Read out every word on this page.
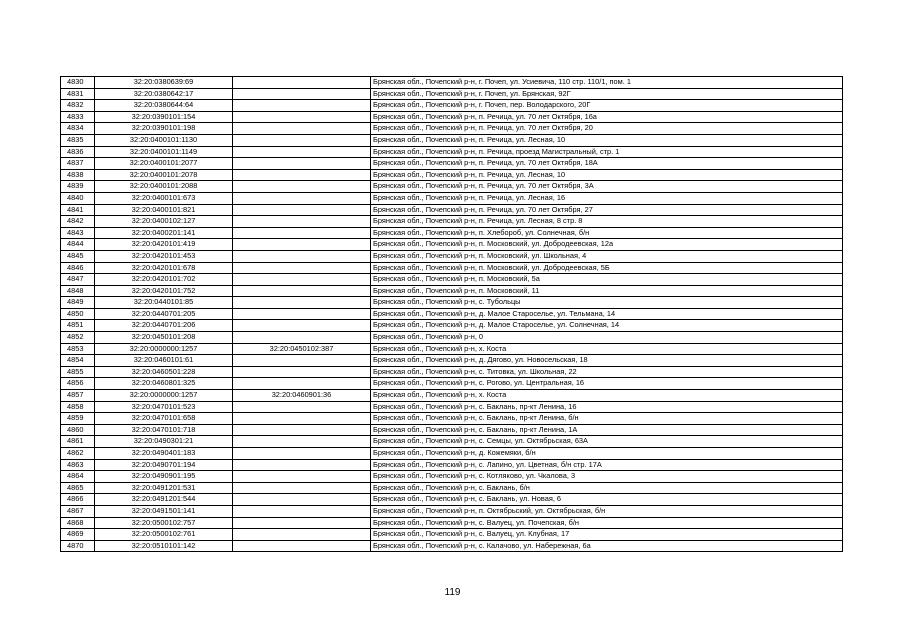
4830	32:20:0380639:69		Брянская обл., Почепский р-н, г. Почеп, ул. Усиевича, 110 стр. 110/1, пом. 1
4831	32:20:0380642:17		Брянская обл., Почепский р-н, г. Почеп, ул. Брянская, 92Г
4832	32:20:0380644:64		Брянская обл., Почепский р-н, г. Почеп, пер. Володарского, 20Г
4833	32:20:0390101:154		Брянская обл., Почепский р-н, п. Речица, ул. 70 лет Октября, 16а
4834	32:20:0390101:198		Брянская обл., Почепский р-н, п. Речица, ул. 70 лет Октября, 20
4835	32:20:0400101:1130		Брянская обл., Почепский р-н, п. Речица, ул. Лесная, 10
4836	32:20:0400101:1149		Брянская обл., Почепский р-н, п. Речица, проезд Магистральный, стр. 1
4837	32:20:0400101:2077		Брянская обл., Почепский р-н, п. Речица, ул. 70 лет Октября, 18А
4838	32:20:0400101:2078		Брянская обл., Почепский р-н, п. Речица, ул. Лесная, 10
4839	32:20:0400101:2088		Брянская обл., Почепский р-н, п. Речица, ул. 70 лет Октября, 3А
4840	32:20:0400101:673		Брянская обл., Почепский р-н, п. Речица, ул. Лесная, 16
4841	32:20:0400101:821		Брянская обл., Почепский р-н, п. Речица, ул. 70 лет Октября, 27
4842	32:20:0400102:127		Брянская обл., Почепский р-н, п. Речица, ул. Лесная, 8 стр. 8
4843	32:20:0400201:141		Брянская обл., Почепский р-н, п. Хлебороб, ул. Солнечная, б/н
4844	32:20:0420101:419		Брянская обл., Почепский р-н, п. Московский, ул. Добродеевская, 12а
4845	32:20:0420101:453		Брянская обл., Почепский р-н, п. Московский, ул. Школьная, 4
4846	32:20:0420101:678		Брянская обл., Почепский р-н, п. Московский, ул. Добродеевская, 5Б
4847	32:20:0420101:702		Брянская обл., Почепский р-н, п. Московский, 5а
4848	32:20:0420101:752		Брянская обл., Почепский р-н, п. Московский, 11
4849	32:20:0440101:85		Брянская обл., Почепский р-н, с. Тубольцы
4850	32:20:0440701:205		Брянская обл., Почепский р-н, д. Малое Староселье, ул. Тельмана, 14
4851	32:20:0440701:206		Брянская обл., Почепский р-н, д. Малое Староселье, ул. Солнечная, 14
4852	32:20:0450101:208		Брянская обл., Почепский р-н, 0
4853	32:20:0000000:1257	32:20:0450102:387	Брянская обл., Почепский р-н, х. Коста
4854	32:20:0460101:61		Брянская обл., Почепский р-н, д. Дягово, ул. Новосельская, 18
4855	32:20:0460501:228		Брянская обл., Почепский р-н, с. Титовка, ул. Школьная, 22
4856	32:20:0460801:325		Брянская обл., Почепский р-н, с. Рогово, ул. Центральная, 16
4857	32:20:0000000:1257	32:20:0460901:36	Брянская обл., Почепский р-н, х. Коста
4858	32:20:0470101:523		Брянская обл., Почепский р-н, с. Баклань, пр-кт Ленина, 16
4859	32:20:0470101:658		Брянская обл., Почепский р-н, с. Баклань, пр-кт Ленина, б/н
4860	32:20:0470101:718		Брянская обл., Почепский р-н, с. Баклань, пр-кт Ленина, 1А
4861	32:20:0490301:21		Брянская обл., Почепский р-н, с. Семцы, ул. Октябрьская, 63А
4862	32:20:0490401:183		Брянская обл., Почепский р-н, д. Кожемяки, б/н
4863	32:20:0490701:194		Брянская обл., Почепский р-н, с. Лапино, ул. Цветная, б/н стр. 17А
4864	32:20:0490901:195		Брянская обл., Почепский р-н, с. Котляково, ул. Чкалова, 3
4865	32:20:0491201:531		Брянская обл., Почепский р-н, с. Баклань, б/н
4866	32:20:0491201:544		Брянская обл., Почепский р-н, с. Баклань, ул. Новая, 6
4867	32:20:0491501:141		Брянская обл., Почепский р-н, п. Октябрьский, ул. Октябрьская, б/н
4868	32:20:0500102:757		Брянская обл., Почепский р-н, с. Валуец, ул. Почепская, б/н
4869	32:20:0500102:761		Брянская обл., Почепский р-н, с. Валуец, ул. Клубная, 17
4870	32:20:0510101:142		Брянская обл., Почепский р-н, с. Калачово, ул. Набережная, 6а
119
